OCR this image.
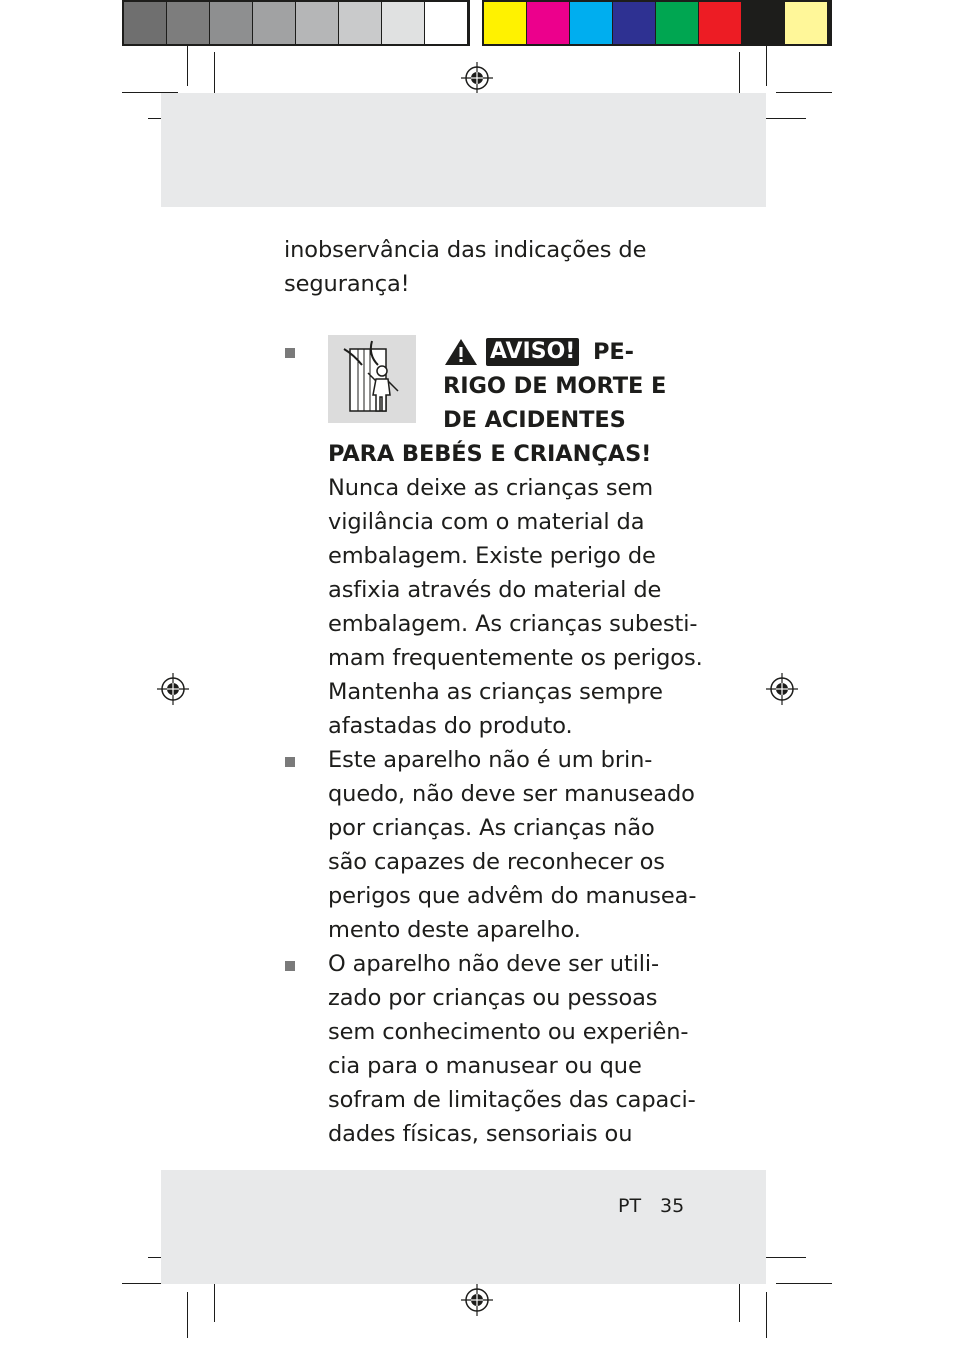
inobservância das indicações de
segurança!
AVISO! PE-
RIGO DE MORTE E
DE ACIDENTES
PARA BEBÉS E CRIANÇAS!
Nunca deixe as crianças sem
vigilância com o material da
embalagem. Existe perigo de
asfixia através do material de
embalagem. As crianças subesti-
mam frequentemente os perigos.
Mantenha as crianças sempre
afastadas do produto.
Este aparelho não é um brin-
quedo, não deve ser manuseado
por crianças. As crianças não
são capazes de reconhecer os
perigos que advêm do manusea-
mento deste aparelho.
O aparelho não deve ser utili-
zado por crianças ou pessoas
sem conhecimento ou experiên-
cia para o manusear ou que
sofram de limitações das capaci-
dades físicas, sensoriais ou
PT 35
